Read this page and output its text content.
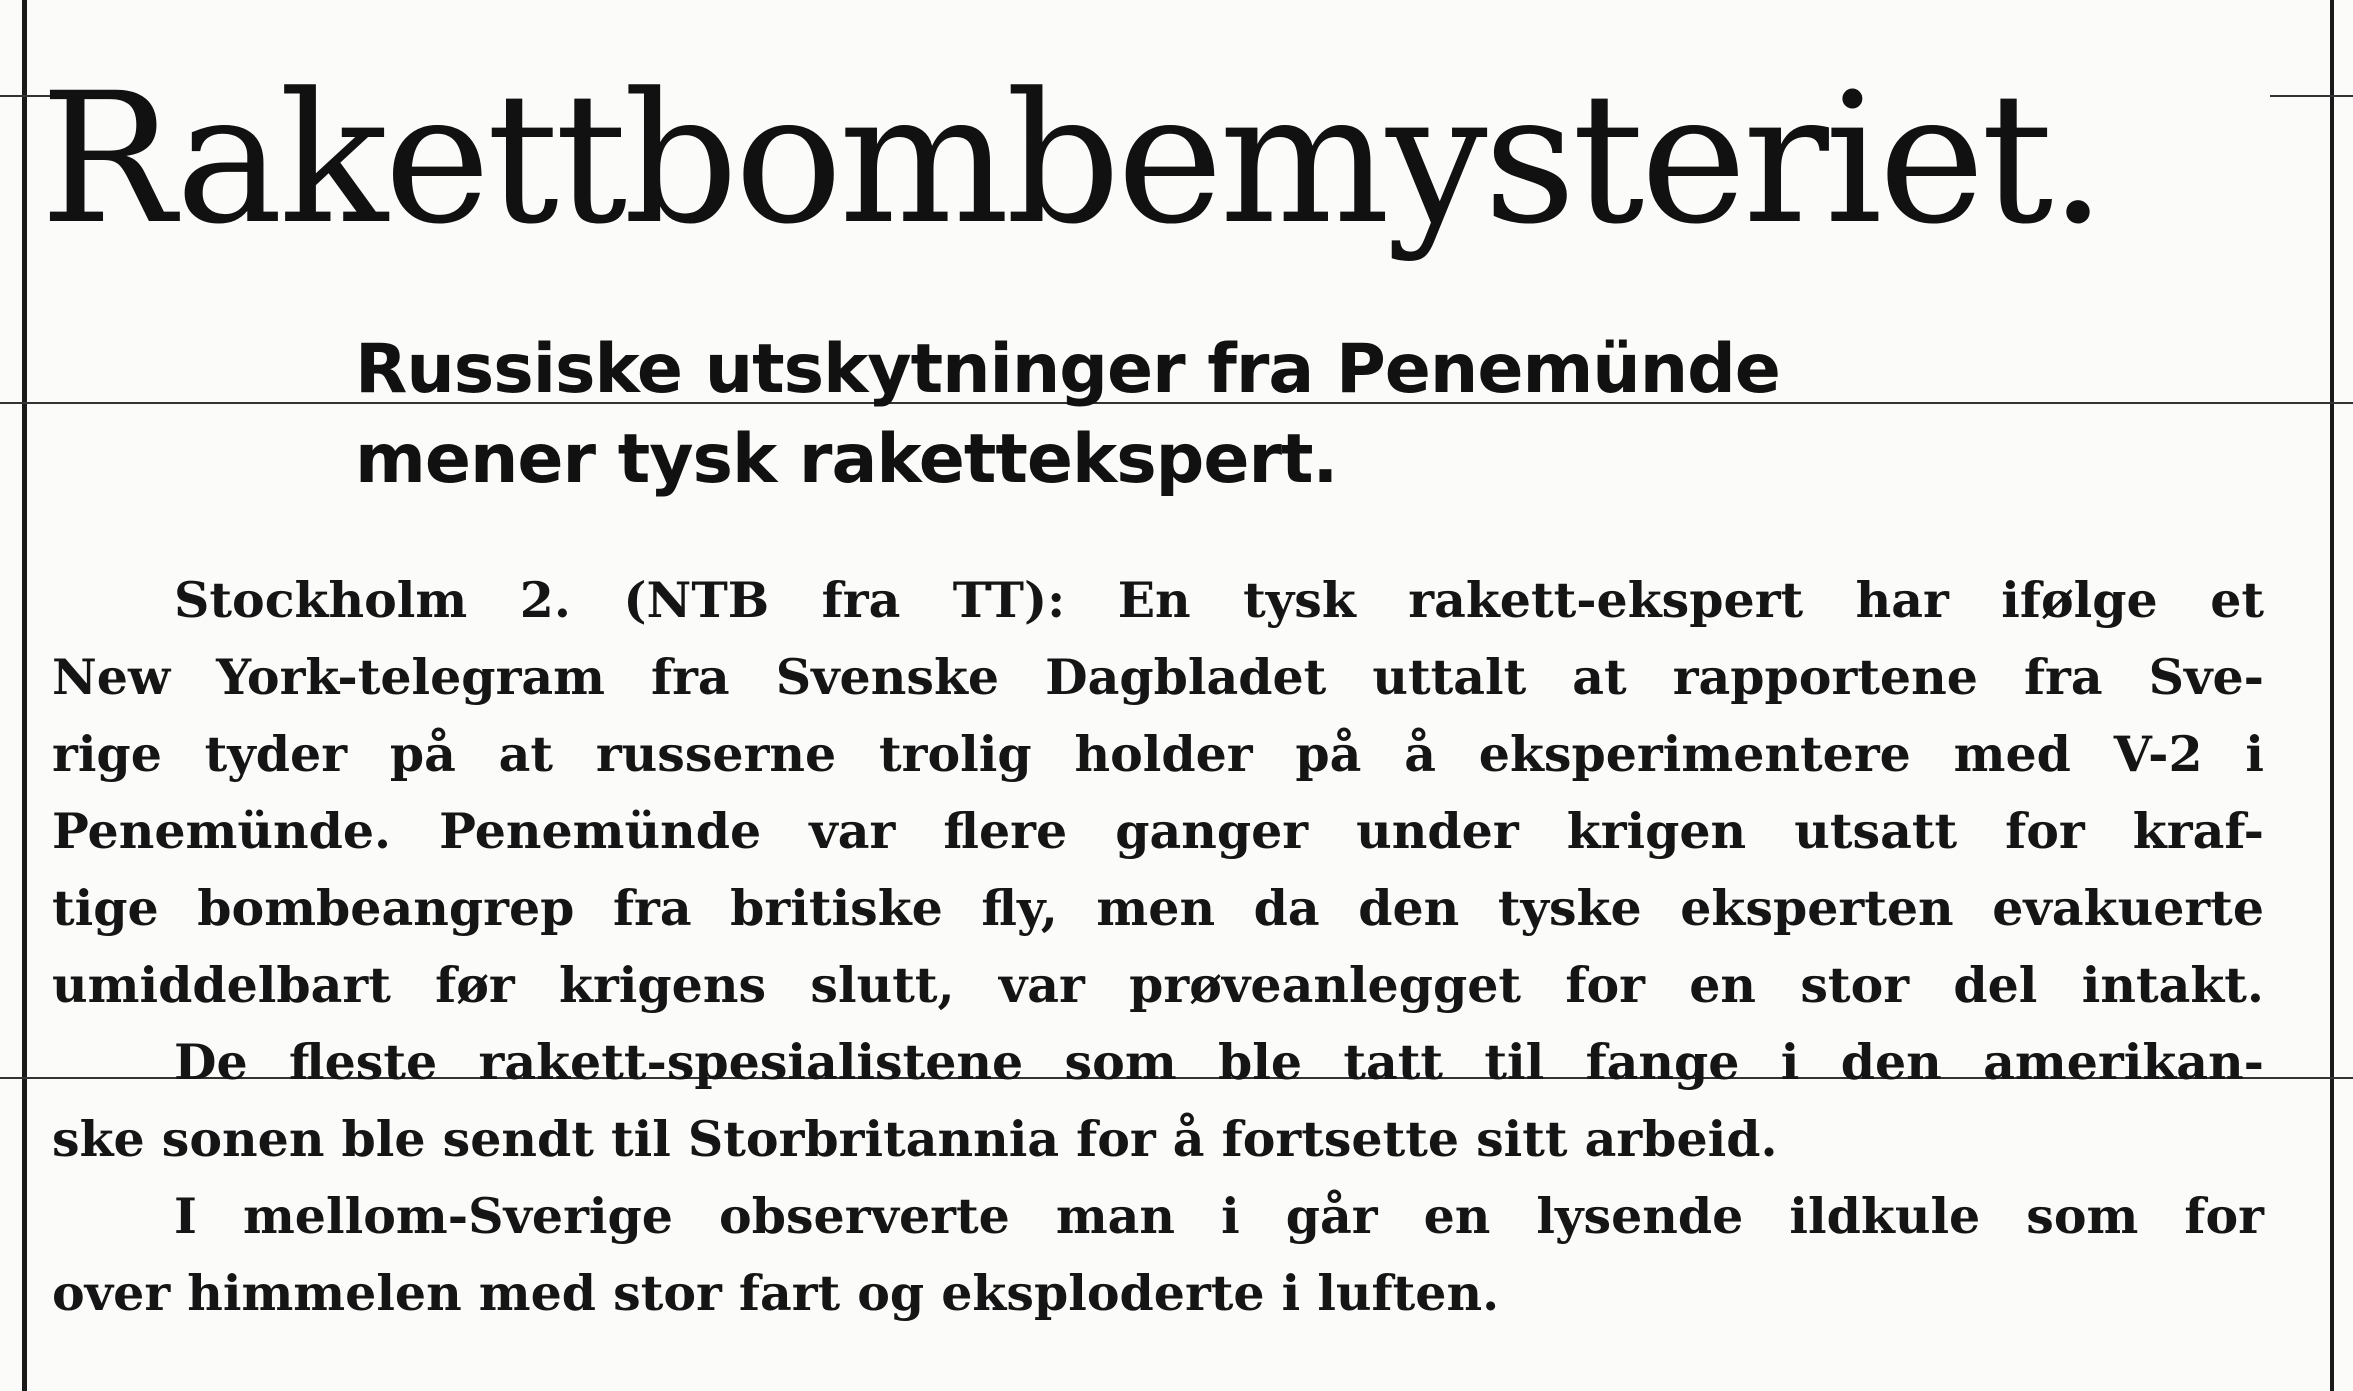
Rakettbombemysteriet.
Russiske utskytninger fra Penemünde
mener tysk rakettekspert.
Stockholm 2. (NTB fra TT): En tysk rakett-ekspert har ifølge et
New York-telegram fra Svenske Dagbladet uttalt at rapportene fra Sve-
rige tyder på at russerne trolig holder på å eksperimentere med V-2 i
Penemünde. Penemünde var flere ganger under krigen utsatt for kraf-
tige bombeangrep fra britiske fly, men da den tyske eksperten evakuerte
umiddelbart før krigens slutt, var prøveanlegget for en stor del intakt.
De fleste rakett-spesialistene som ble tatt til fange i den amerikan-
ske sonen ble sendt til Storbritannia for å fortsette sitt arbeid.
I mellom-Sverige observerte man i går en lysende ildkule som for
over himmelen med stor fart og eksploderte i luften.
